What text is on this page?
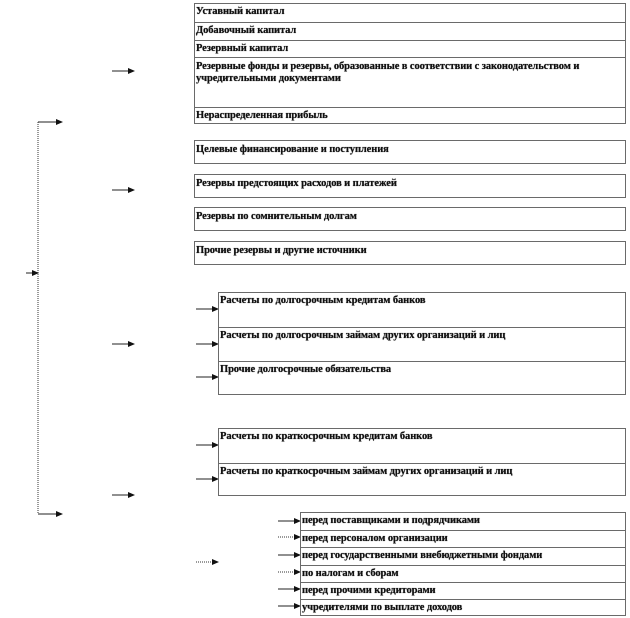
Уставный капитал
Добавочный капитал
Резервный капитал
Резервные фонды и резервы, образованные в соответствии с законодательством и учредительными документами
Нераспределенная прибыль
Целевые финансирование и поступления
Резервы предстоящих расходов и платежей
Резервы по сомнительным долгам
Прочие резервы и другие источники
Расчеты по долгосрочным кредитам банков
Расчеты по долгосрочным займам других организаций и лиц
Прочие долгосрочные обязательства
Расчеты по краткосрочным кредитам банков
Расчеты по краткосрочным займам других организаций и лиц
перед поставщиками и подрядчиками
перед персоналом организации
перед государственными внебюджетными фондами
по налогам и сборам
перед прочими кредиторами
учредителями по выплате доходов
